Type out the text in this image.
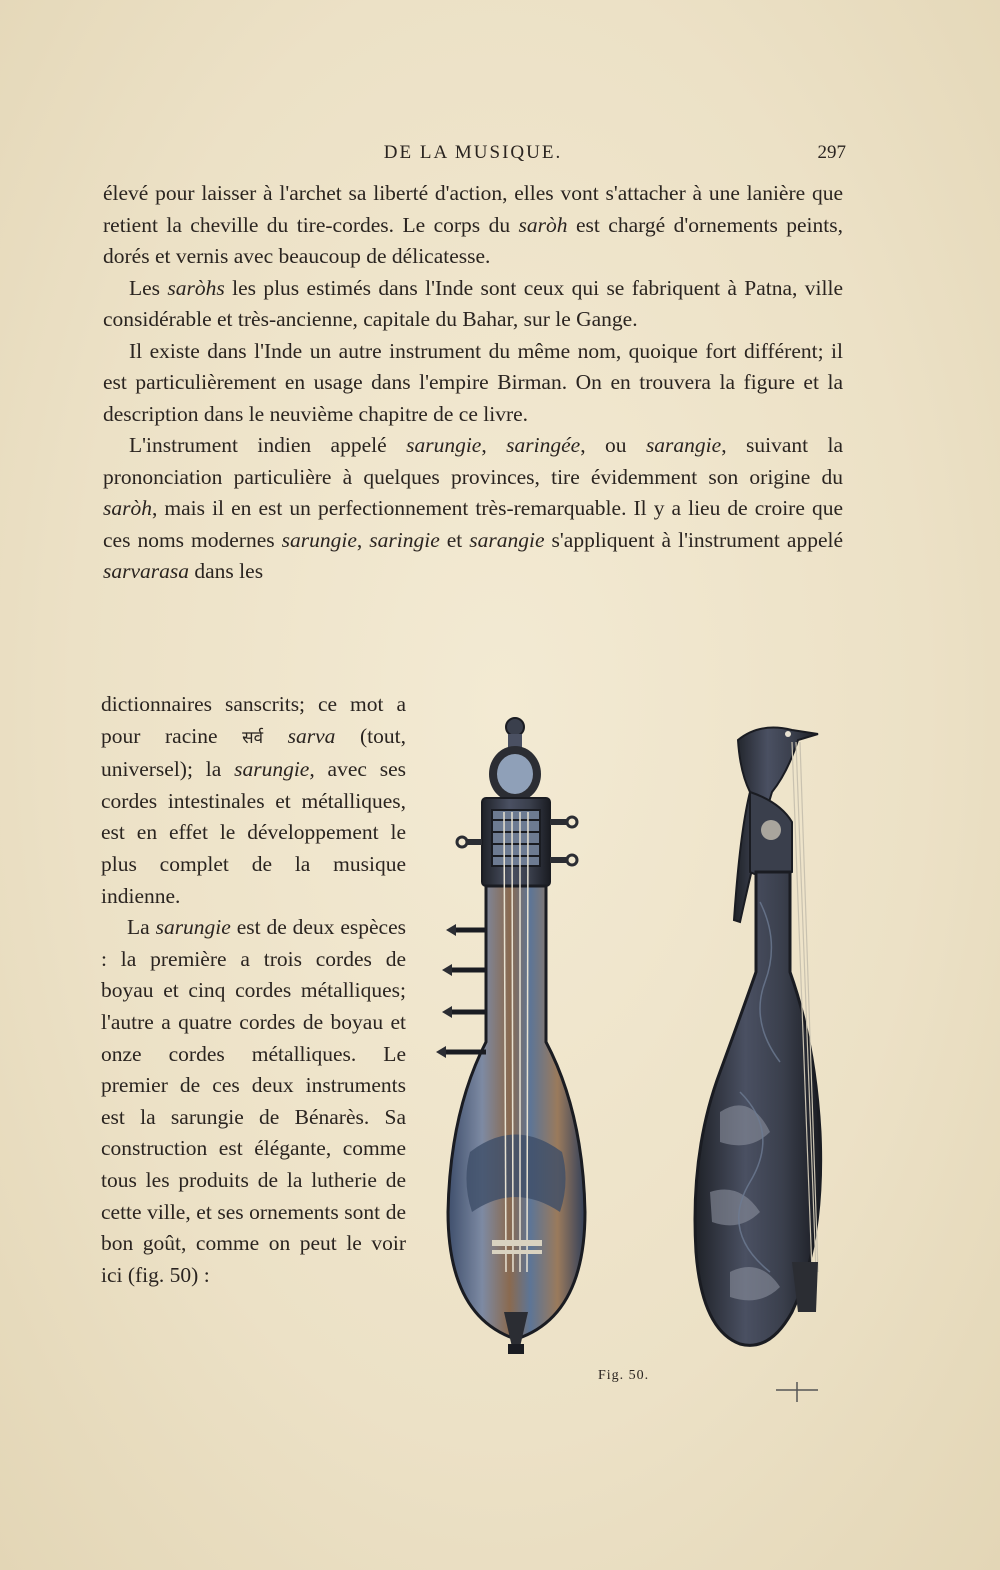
DE LA MUSIQUE.	297

élevé pour laisser à l'archet sa liberté d'action, elles vont s'attacher à une lanière que retient la cheville du tire-cordes. Le corps du saròh est chargé d'ornements peints, dorés et vernis avec beaucoup de délicatesse.

Les saròhs les plus estimés dans l'Inde sont ceux qui se fabriquent à Patna, ville considérable et très-ancienne, capitale du Bahar, sur le Gange.

Il existe dans l'Inde un autre instrument du même nom, quoique fort différent; il est particulièrement en usage dans l'empire Birman. On en trouvera la figure et la description dans le neuvième chapitre de ce livre.

L'instrument indien appelé sarungie, saringée, ou sarangie, suivant la prononciation particulière à quelques provinces, tire évidemment son origine du saròh, mais il en est un perfectionnement très-remarquable. Il y a lieu de croire que ces noms modernes sarungie, saringie et sarangie s'appliquent à l'instrument appelé sarvarasa dans les

dictionnaires sanscrits; ce mot a pour racine सर्व sarva (tout, universel); la sarungie, avec ses cordes intestinales et métalliques, est en effet le développement le plus complet de la musique indienne.

La sarungie est de deux espèces : la première a trois cordes de boyau et cinq cordes métalliques; l'autre a quatre cordes de boyau et onze cordes métalliques. Le premier de ces deux instruments est la sarungie de Bénarès. Sa construction est élégante, comme tous les produits de la lutherie de cette ville, et ses ornements sont de bon goût, comme on peut le voir ici (fig. 50) :

Fig. 50.
